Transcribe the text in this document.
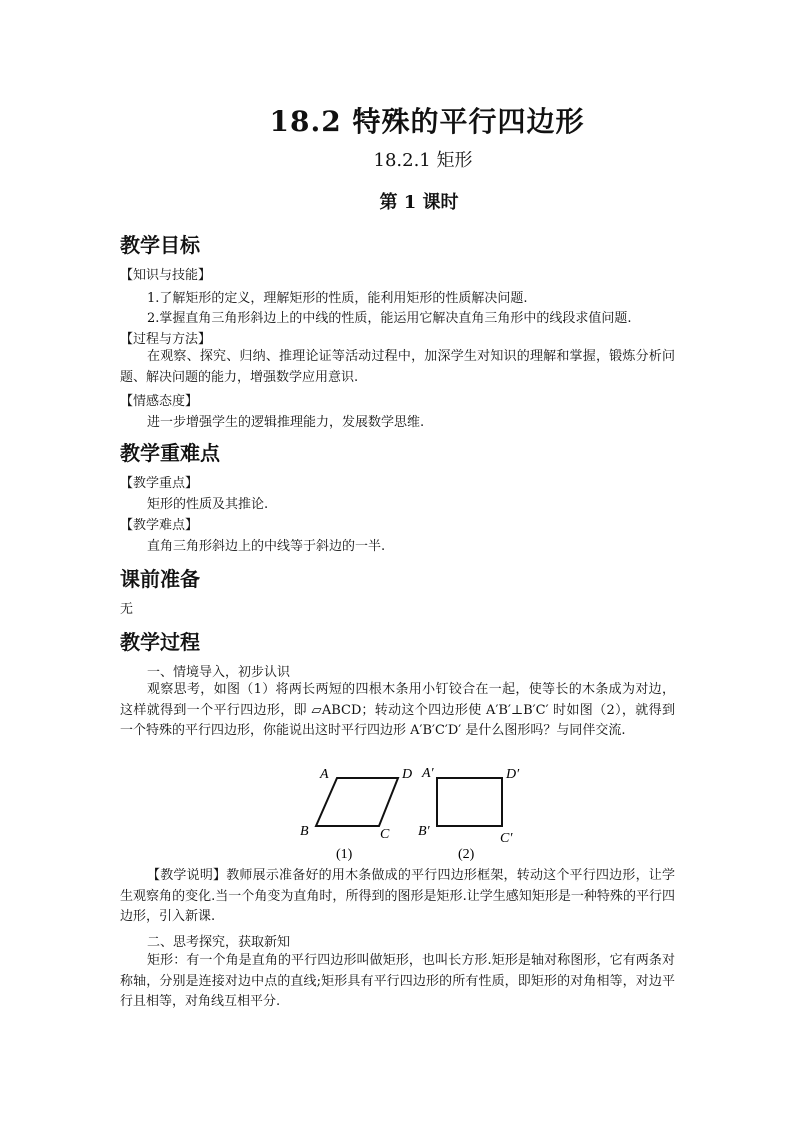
18.2 特殊的平行四边形
18.2.1 矩形
第 1 课时
教学目标
【知识与技能】
1.了解矩形的定义，理解矩形的性质，能利用矩形的性质解决问题.
2.掌握直角三角形斜边上的中线的性质，能运用它解决直角三角形中的线段求值问题.
【过程与方法】
在观察、探究、归纳、推理论证等活动过程中，加深学生对知识的理解和掌握，锻炼分析问题、解决问题的能力，增强数学应用意识.
【情感态度】
进一步增强学生的逻辑推理能力，发展数学思维.
教学重难点
【教学重点】
矩形的性质及其推论.
【教学难点】
直角三角形斜边上的中线等于斜边的一半.
课前准备
无
教学过程
一、情境导入，初步认识
观察思考，如图（1）将两长两短的四根木条用小钉铰合在一起，使等长的木条成为对边，这样就得到一个平行四边形，即 ▱ABCD；转动这个四边形使 A′B′⊥B′C′ 时如图（2），就得到一个特殊的平行四边形，你能说出这时平行四边形 A′B′C′D′ 是什么图形吗？与同伴交流.
A	D
B	C
A′	D′
B′	C′
(1)	(2)
【教学说明】教师展示准备好的用木条做成的平行四边形框架，转动这个平行四边形，让学生观察角的变化.当一个角变为直角时，所得到的图形是矩形.让学生感知矩形是一种特殊的平行四边形，引入新课.
二、思考探究，获取新知
矩形：有一个角是直角的平行四边形叫做矩形，也叫长方形.矩形是轴对称图形，它有两条对称轴，分别是连接对边中点的直线;矩形具有平行四边形的所有性质，即矩形的对角相等，对边平行且相等，对角线互相平分.
